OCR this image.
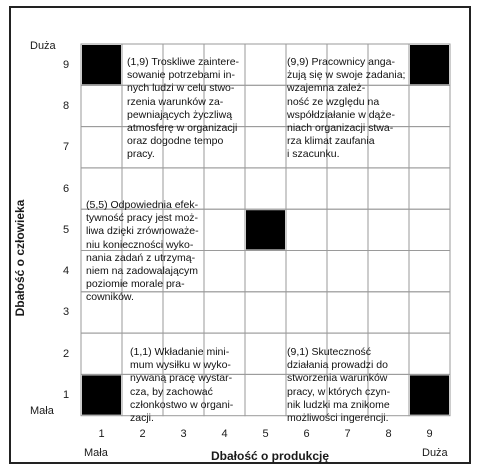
Dbałość o człowieka
Dbałość o produkcję
Duża
Mała
Mała	Duża
1	2	3	4	5	6	7	8	9
9
8
7
6
5
4
3
2
1
(1,9) Troskliwe zaintere-
sowanie potrzebami in-
nych ludzi w celu stwo-
rzenia warunków za-
pewniających życzliwą
atmosferę w organizacji
oraz dogodne tempo
pracy.
(9,9) Pracownicy anga-
żują się w swoje zadania;
wzajemna zależ-
ność ze względu na
współdziałanie w dąże-
niach organizacji stwa-
rza klimat zaufania
i szacunku.
(5,5) Odpowiednia efek-
tywność pracy jest moż-
liwa dzięki zrównoważe-
niu konieczności wyko-
nania zadań z utrzymą-
niem na zadowalającym
poziomie morale pra-
cowników.
(1,1) Wkładanie mini-
mum wysiłku w wyko-
nywaną pracę wystar-
cza, by zachować
członkostwo w organi-
zacji.
(9,1) Skuteczność
działania prowadzi do
stworzenia warunków
pracy, w których czyn-
nik ludzki ma znikome
możliwości ingerencji.
